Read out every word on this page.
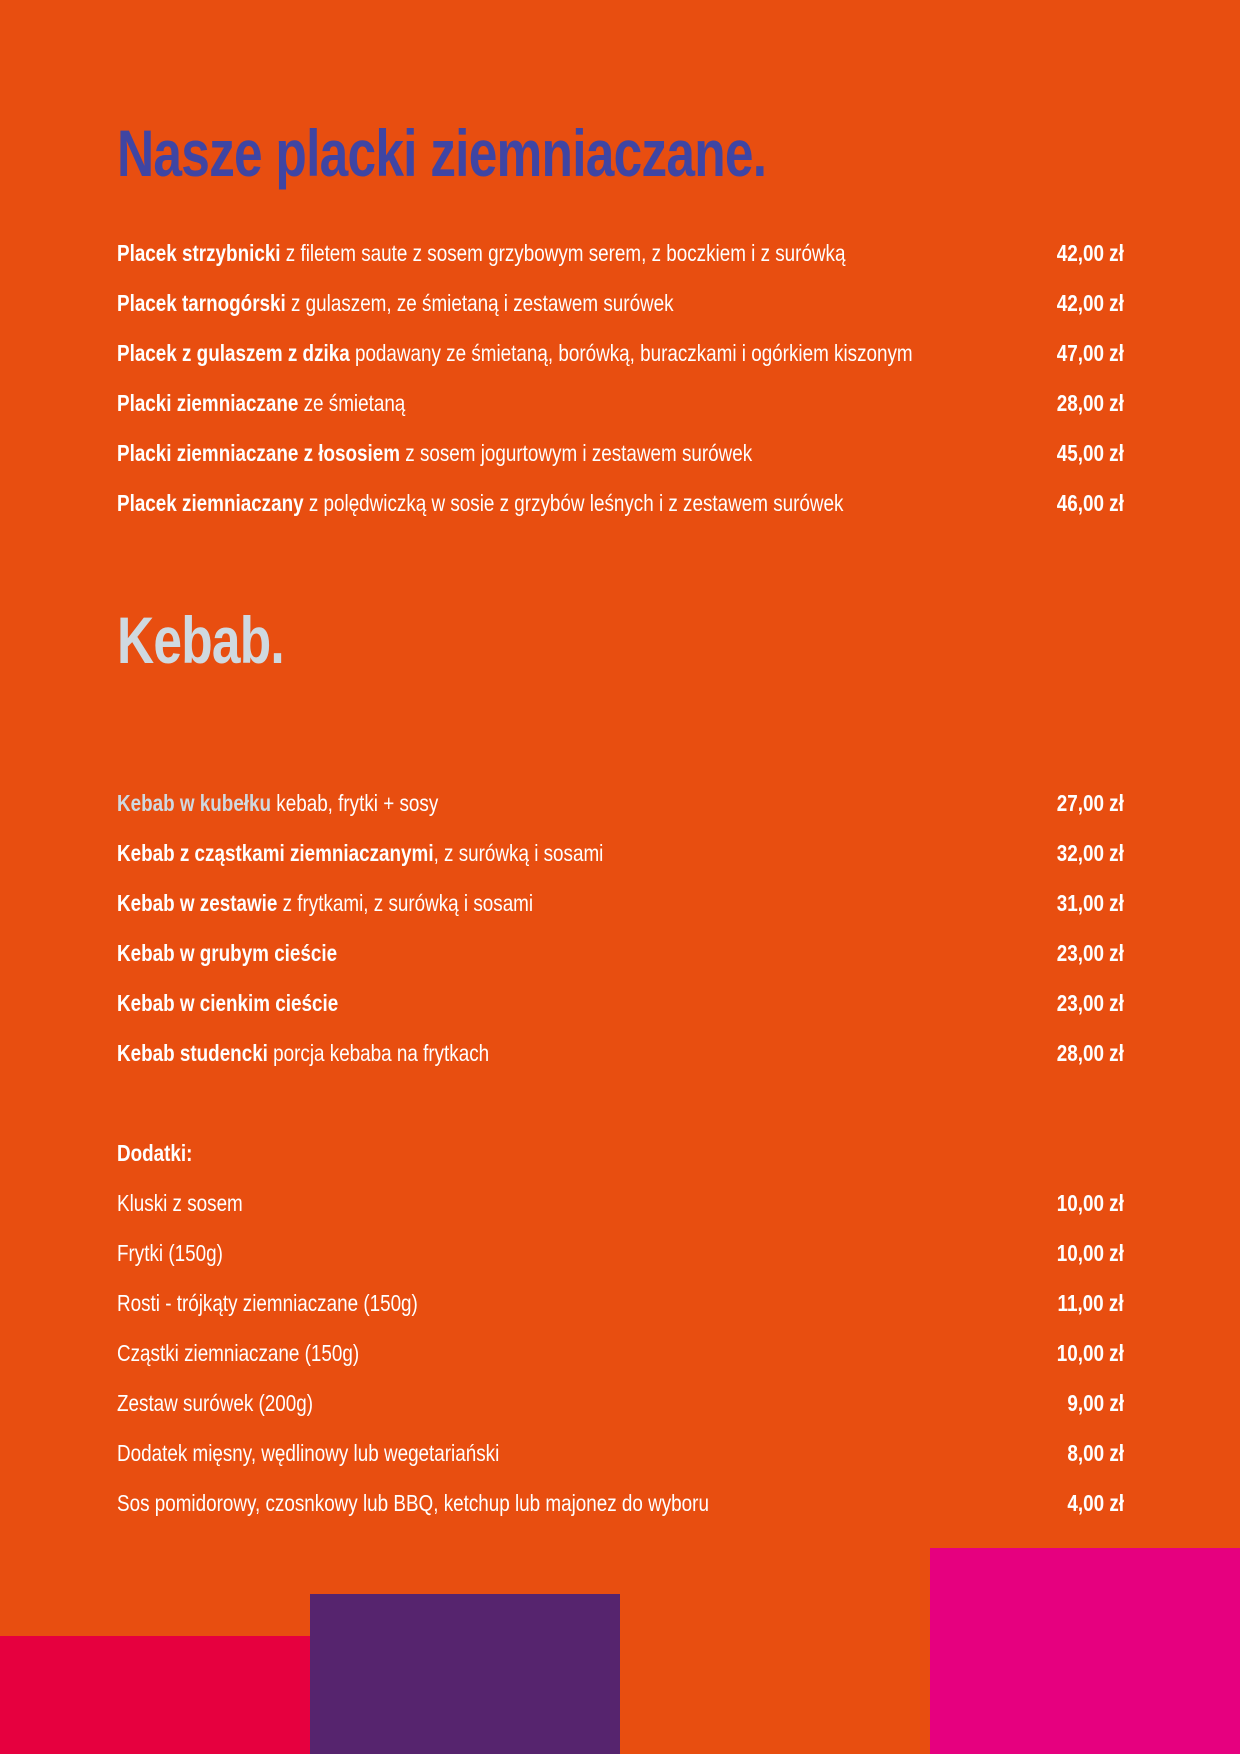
Nasze placki ziemniaczane.
Placek strzybnicki z filetem saute z sosem grzybowym serem, z boczkiem i z surówką	42,00 zł
Placek tarnogórski z gulaszem, ze śmietaną i zestawem surówek	42,00 zł
Placek z gulaszem z dzika podawany ze śmietaną, borówką, buraczkami i ogórkiem kiszonym	47,00 zł
Placki ziemniaczane ze śmietaną	28,00 zł
Placki ziemniaczane z łososiem z sosem jogurtowym i zestawem surówek	45,00 zł
Placek ziemniaczany z polędwiczką w sosie z grzybów leśnych i z zestawem surówek	46,00 zł
Kebab.
Kebab w kubełku kebab, frytki + sosy	27,00 zł
Kebab z cząstkami ziemniaczanymi, z surówką i sosami	32,00 zł
Kebab w zestawie z frytkami, z surówką i sosami	31,00 zł
Kebab w grubym cieście	23,00 zł
Kebab w cienkim cieście	23,00 zł
Kebab studencki porcja kebaba na frytkach	28,00 zł
Dodatki:
Kluski z sosem	10,00 zł
Frytki (150g)	10,00 zł
Rosti - trójkąty ziemniaczane (150g)	11,00 zł
Cząstki ziemniaczane (150g)	10,00 zł
Zestaw surówek (200g)	9,00 zł
Dodatek mięsny, wędlinowy lub wegetariański	8,00 zł
Sos pomidorowy, czosnkowy lub BBQ, ketchup lub majonez do wyboru	4,00 zł
